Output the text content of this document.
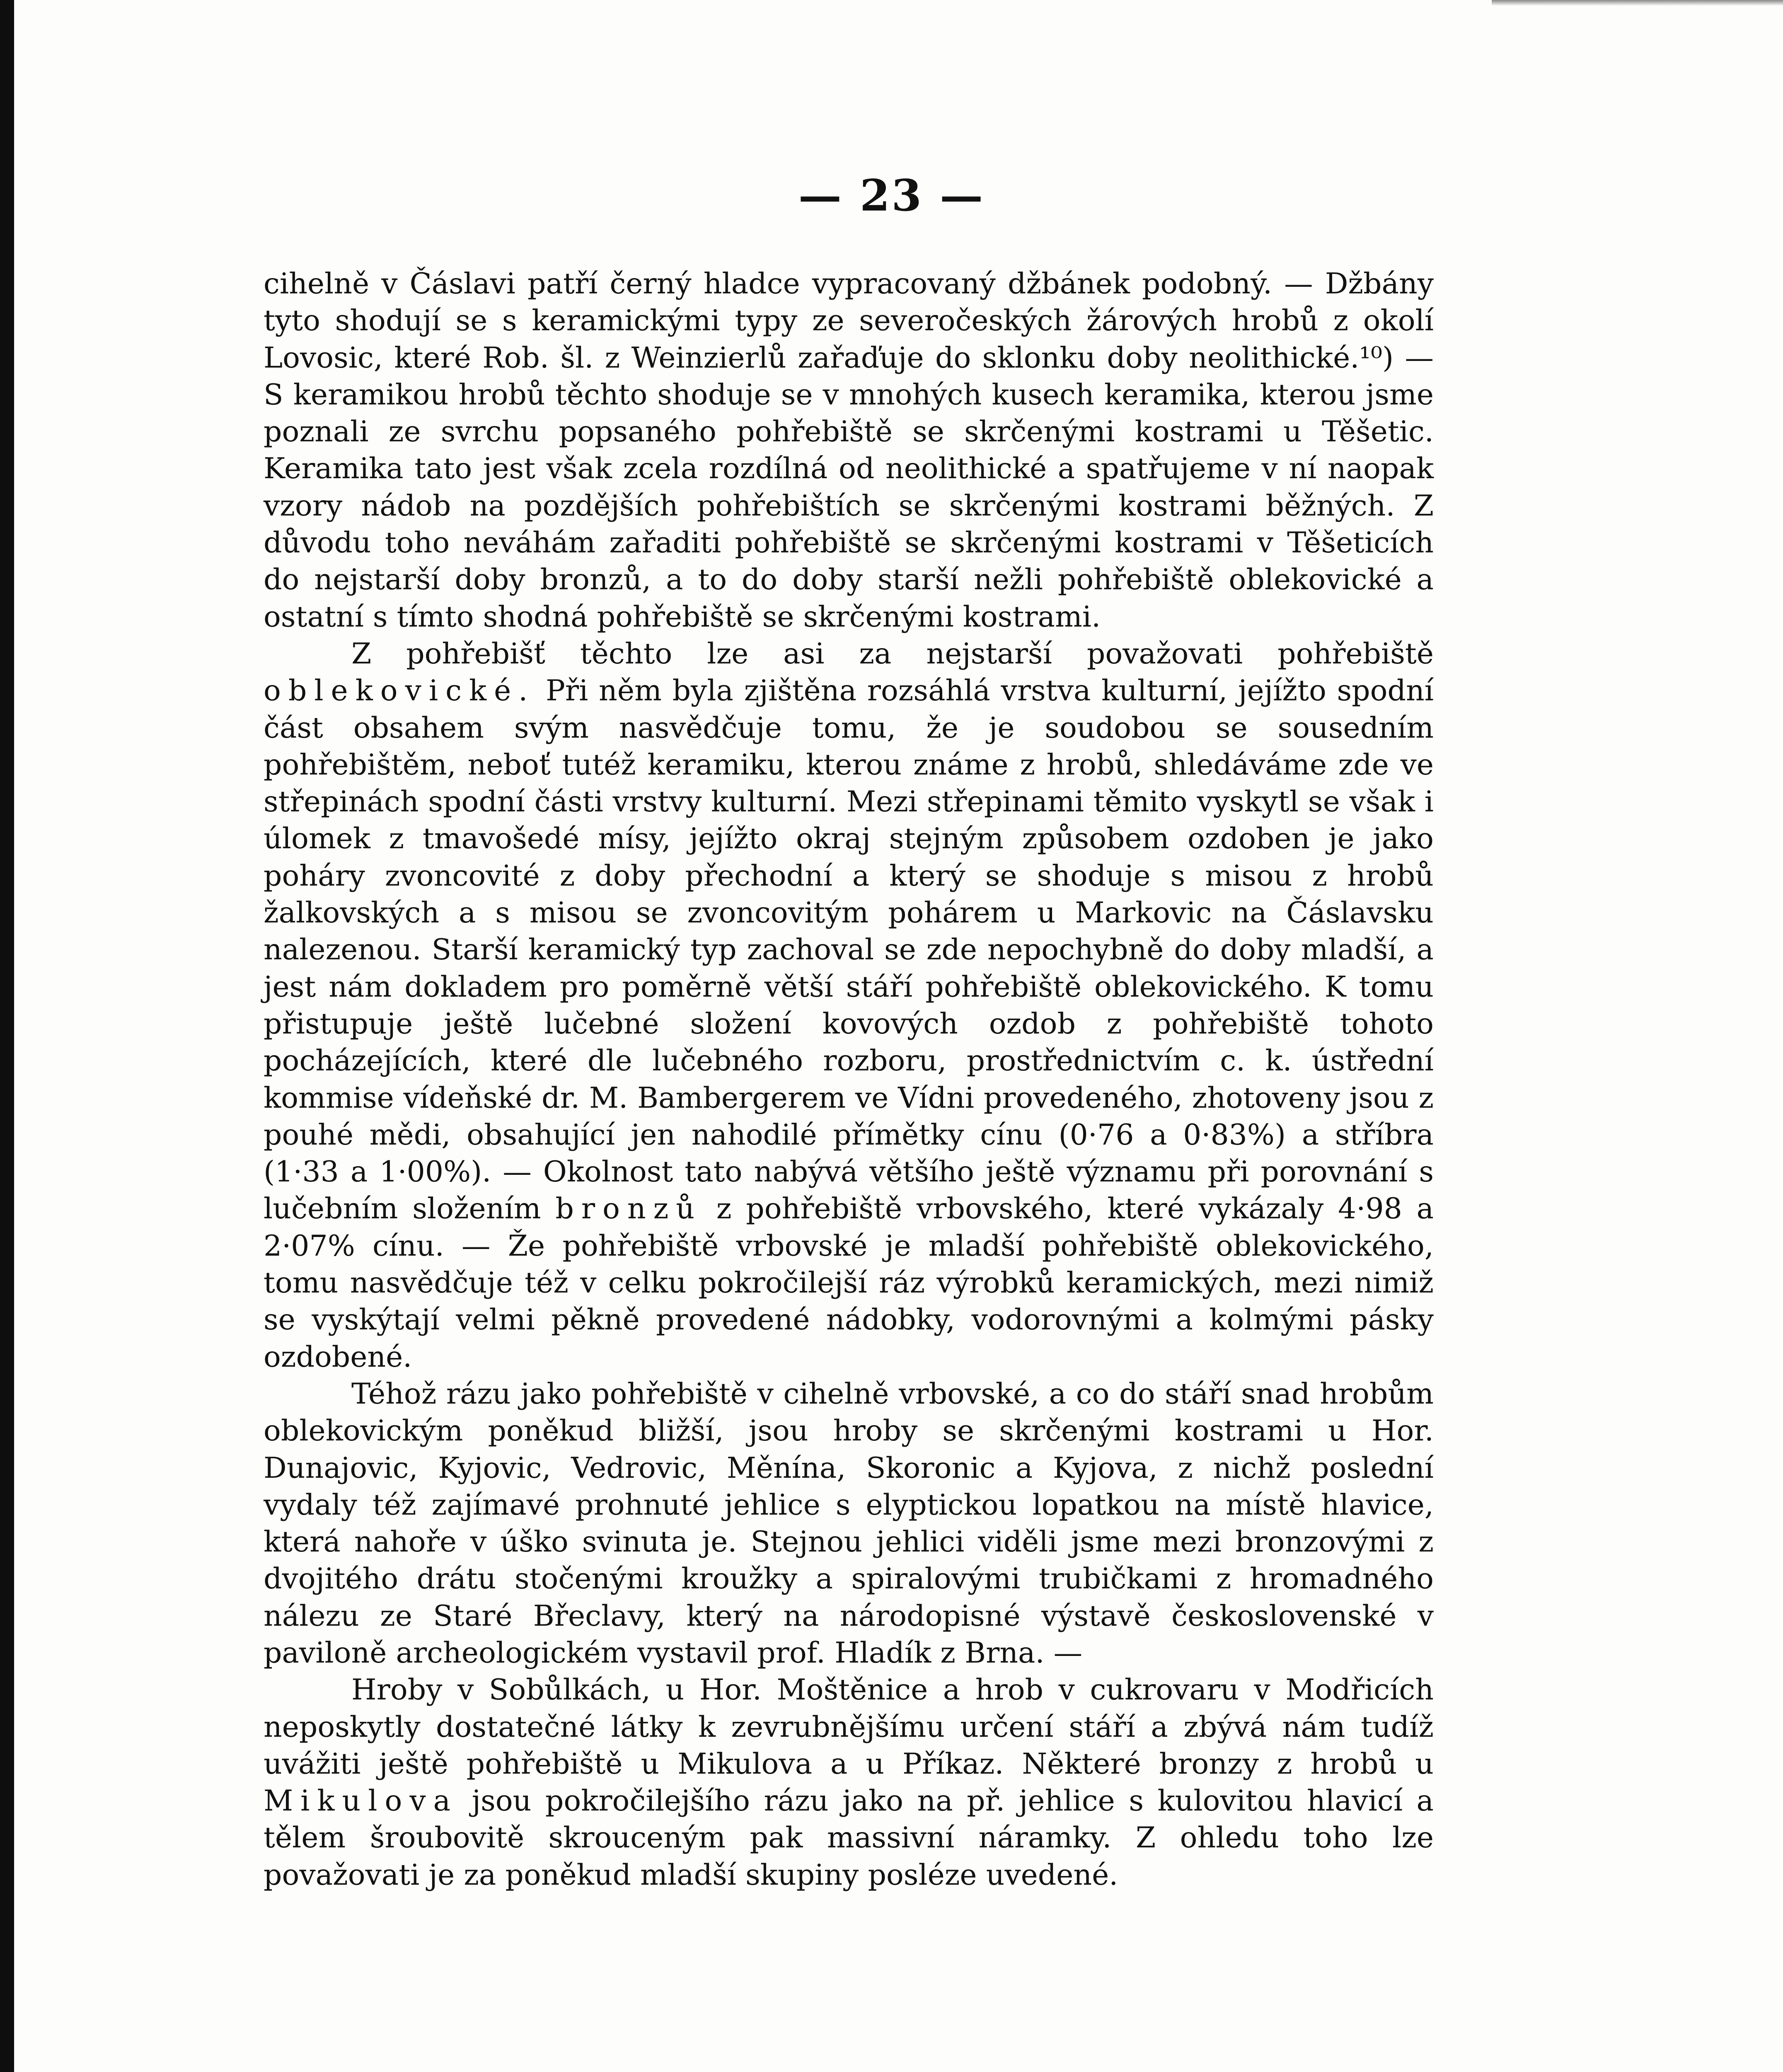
— 23 —

cihelně v Čáslavi patří černý hladce vypracovaný džbánek podobný. — Džbány tyto shodují se s keramickými typy ze severočeských žárových hrobů z okolí Lovosic, které Rob. šl. z Weinzierlů zařaďuje do sklonku doby neolithické.¹⁰) — S keramikou hrobů těchto shoduje se v mnohých kusech keramika, kterou jsme poznali ze svrchu popsaného pohřebiště se skrčenými kostrami u Těšetic. Keramika tato jest však zcela rozdílná od neolithické a spatřujeme v ní naopak vzory nádob na pozdějších pohřebištích se skrčenými kostrami běžných. Z důvodu toho neváhám zařaditi pohřebiště se skrčenými kostrami v Těšeticích do nejstarší doby bronzů, a to do doby starší nežli pohřebiště oblekovické a ostatní s tímto shodná pohřebiště se skrčenými kostrami.

Z pohřebišť těchto lze asi za nejstarší považovati pohřebiště oblekovické. Při něm byla zjištěna rozsáhlá vrstva kulturní, jejížto spodní část obsahem svým nasvědčuje tomu, že je soudobou se sousedním pohřebištěm, neboť tutéž keramiku, kterou známe z hrobů, shledáváme zde ve střepinách spodní části vrstvy kulturní. Mezi střepinami těmito vyskytl se však i úlomek z tmavošedé mísy, jejížto okraj stejným způsobem ozdoben je jako poháry zvoncovité z doby přechodní a který se shoduje s misou z hrobů žalkovských a s misou se zvoncovitým pohárem u Markovic na Čáslavsku nalezenou. Starší keramický typ zachoval se zde nepochybně do doby mladší, a jest nám dokladem pro poměrně větší stáří pohřebiště oblekovického. K tomu přistupuje ještě lučebné složení kovových ozdob z pohřebiště tohoto pocházejících, které dle lučebného rozboru, prostřednictvím c. k. ústřední kommise vídeňské dr. M. Bambergerem ve Vídni provedeného, zhotoveny jsou z pouhé mědi, obsahující jen nahodilé přímětky cínu (0·76 a 0·83%) a stříbra (1·33 a 1·00%). — Okolnost tato nabývá většího ještě významu při porovnání s lučebním složením bronzů z pohřebiště vrbovského, které vykázaly 4·98 a 2·07% cínu. — Že pohřebiště vrbovské je mladší pohřebiště oblekovického, tomu nasvědčuje též v celku pokročilejší ráz výrobků keramických, mezi nimiž se vyskýtají velmi pěkně provedené nádobky, vodorovnými a kolmými pásky ozdobené.

Téhož rázu jako pohřebiště v cihelně vrbovské, a co do stáří snad hrobům oblekovickým poněkud bližší, jsou hroby se skrčenými kostrami u Hor. Dunajovic, Kyjovic, Vedrovic, Měnína, Skoronic a Kyjova, z nichž poslední vydaly též zajímavé prohnuté jehlice s elyptickou lopatkou na místě hlavice, která nahoře v úško svinuta je. Stejnou jehlici viděli jsme mezi bronzovými z dvojitého drátu stočenými kroužky a spiralovými trubičkami z hromadného nálezu ze Staré Břeclavy, který na národopisné výstavě československé v pavilоně archeologickém vystavil prof. Hladík z Brna. —

Hroby v Sobůlkách, u Hor. Moštěnice a hrob v cukrovaru v Modřicích neposkytly dostatečné látky k zevrubnějšímu určení stáří a zbývá nám tudíž uvážiti ještě pohřebiště u Mikulova a u Příkaz. Některé bronzy z hrobů u Mikulova jsou pokročilejšího rázu jako na př. jehlice s kulovitou hlavicí a tělem šroubovitě skrouceným pak massivní náramky. Z ohledu toho lze považovati je za poněkud mladší skupiny posléze uvedené.
